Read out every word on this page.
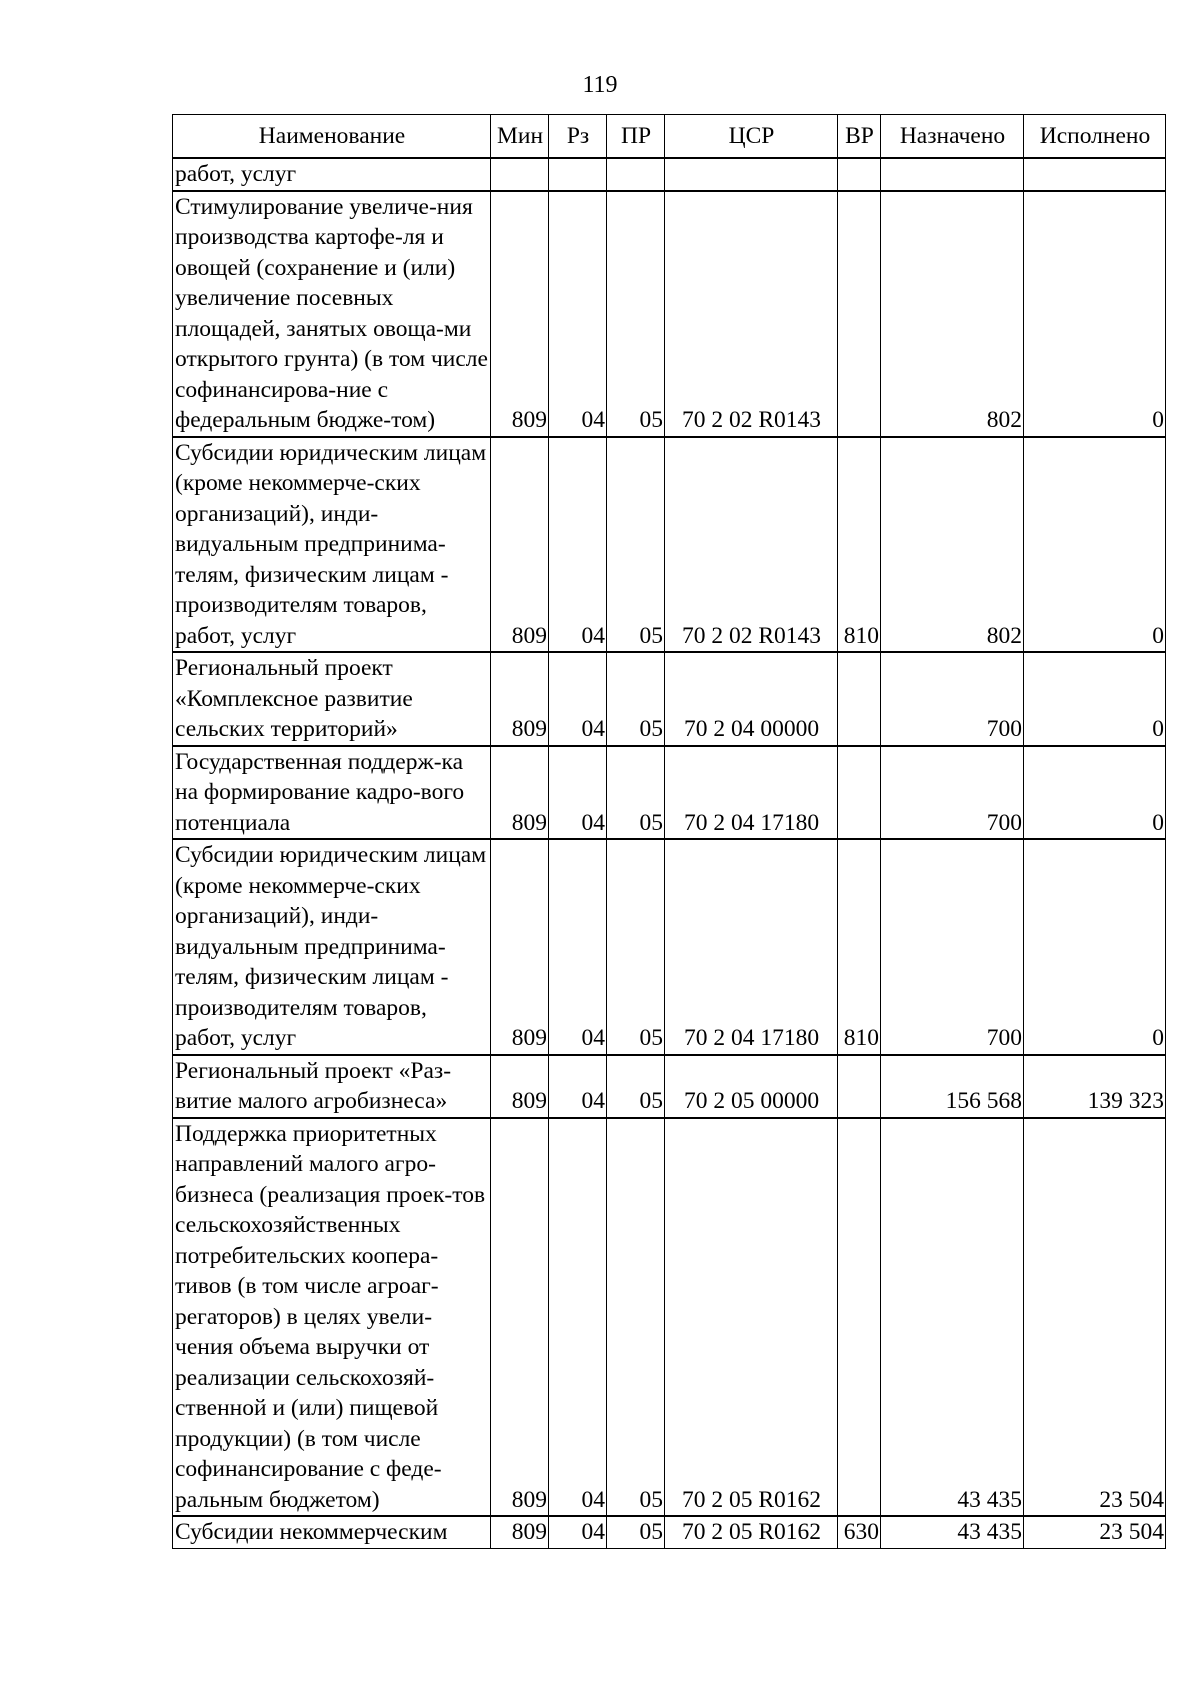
119
Наименование	Мин	Рз	ПР	ЦСР	ВР	Назначено	Исполнено
работ, услуг							
Стимулирование увеличе-ния производства картофе-ля и овощей (сохранение и (или) увеличение посевных площадей, занятых овоща-ми открытого грунта) (в том числе софинансирова-ние с федеральным бюдже-том)	809	04	05	70 2 02 R0143		802	0
Субсидии юридическим лицам (кроме некоммерче-ских организаций), инди-видуальным предпринима-телям, физическим лицам - производителям товаров, работ, услуг	809	04	05	70 2 02 R0143	810	802	0
Региональный проект «Комплексное развитие сельских территорий»	809	04	05	70 2 04 00000		700	0
Государственная поддерж-ка на формирование кадро-вого потенциала	809	04	05	70 2 04 17180		700	0
Субсидии юридическим лицам (кроме некоммерче-ских организаций), инди-видуальным предпринима-телям, физическим лицам - производителям товаров, работ, услуг	809	04	05	70 2 04 17180	810	700	0
Региональный проект «Раз-витие малого агробизнеса»	809	04	05	70 2 05 00000		156 568	139 323
Поддержка приоритетных направлений малого агро-бизнеса (реализация проек-тов сельскохозяйственных потребительских коопера-тивов (в том числе агроаг-регаторов) в целях увели-чения объема выручки от реализации сельскохозяй-ственной и (или) пищевой продукции) (в том числе софинансирование с феде-ральным бюджетом)	809	04	05	70 2 05 R0162		43 435	23 504
Субсидии некоммерческим	809	04	05	70 2 05 R0162	630	43 435	23 504
